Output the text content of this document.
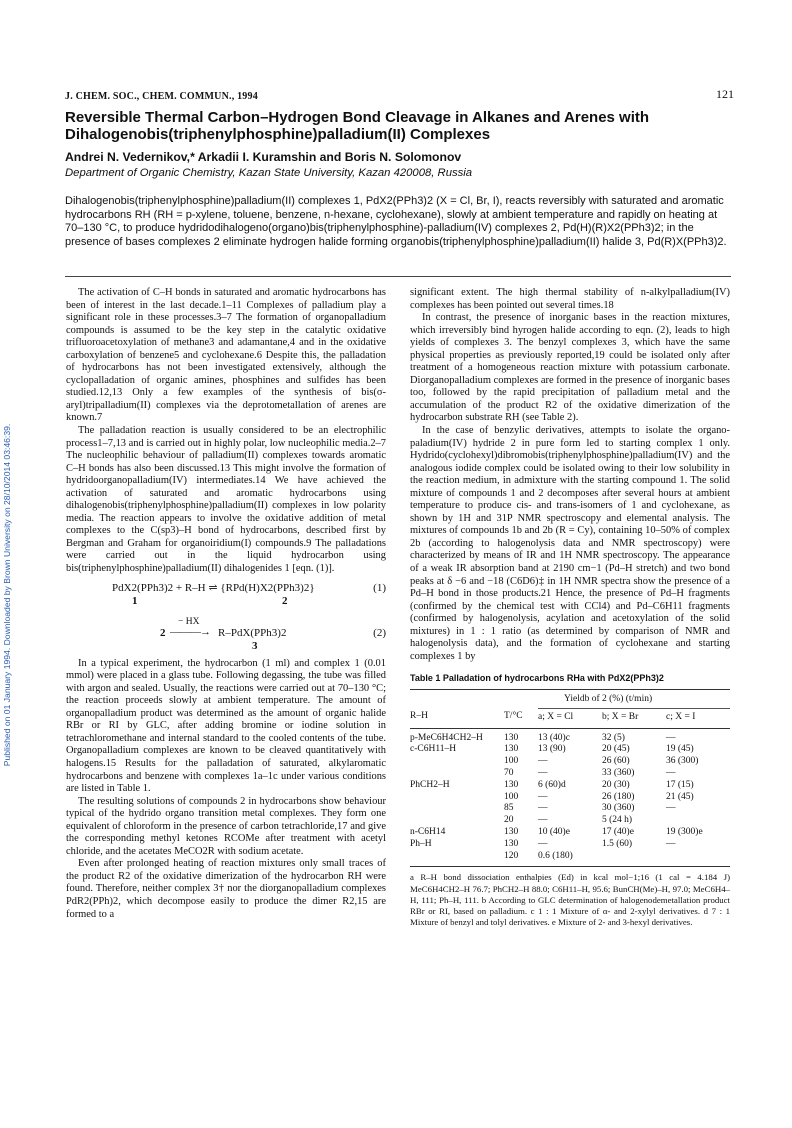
Published on 01 January 1994. Downloaded by Brown University on 28/10/2014 03:46:39.
J. CHEM. SOC., CHEM. COMMUN., 1994	121
Reversible Thermal Carbon–Hydrogen Bond Cleavage in Alkanes and Arenes with Dihalogenobis(triphenylphosphine)palladium(II) Complexes
Andrei N. Vedernikov,* Arkadii I. Kuramshin and Boris N. Solomonov
Department of Organic Chemistry, Kazan State University, Kazan 420008, Russia
Dihalogenobis(triphenylphosphine)palladium(II) complexes 1, PdX2(PPh3)2 (X = Cl, Br, I), reacts reversibly with saturated and aromatic hydrocarbons RH (RH = p-xylene, toluene, benzene, n-hexane, cyclohexane), slowly at ambient temperature and rapidly on heating at 70–130 °C, to produce hydridodihalogeno(organo)bis(triphenylphosphine)-palladium(IV) complexes 2, Pd(H)(R)X2(PPh3)2; in the presence of bases complexes 2 eliminate hydrogen halide forming organobis(triphenylphosphine)palladium(II) halide 3, Pd(R)X(PPh3)2.

The activation of C–H bonds in saturated and aromatic hydrocarbons has been of interest in the last decade.1–11 Complexes of palladium play a significant role in these processes.3–7 The formation of organopalladium compounds is assumed to be the key step in the catalytic oxidative trifluoroacetoxylation of methane3 and adamantane,4 and in the oxidative carboxylation of benzene5 and cyclohexane.6 Despite this, the palladation of hydrocarbons has not been investigated extensively, although the cyclopalladation of organic amines, phosphines and sulfides has been studied.12,13 Only a few examples of the synthesis of bis(σ-aryl)tripalladium(II) complexes via the deprotometallation of arenes are known.7

The palladation reaction is usually considered to be an electrophilic process1–7,13 and is carried out in highly polar, low nucleophilic media.2–7 The nucleophilic behaviour of palladium(II) complexes towards aromatic C–H bonds has also been discussed.13 This might involve the formation of hydridoorganopalladium(IV) intermediates.14 We have achieved the activation of saturated and aromatic hydrocarbons using dihalogenobis(triphenylphosphine)palladium(II) complexes in low polarity media. The reaction appears to involve the oxidative addition of metal complexes to the C(sp3)–H bond of hydrocarbons, described first by Bergman and Graham for organoiridium(I) compounds.9 The palladations were carried out in the liquid hydrocarbon using bis(triphenylphosphine)palladium(II) dihalogenides 1 [eqn. (1)].

PdX2(PPh3)2 + R–H ⇌ {RPd(H)X2(PPh3)2}
1	2
(1)
− HX
2 ———→ R–PdX(PPh3)2
3
(2)

In a typical experiment, the hydrocarbon (1 ml) and complex 1 (0.01 mmol) were placed in a glass tube. Following degassing, the tube was filled with argon and sealed. Usually, the reactions were carried out at 70–130 °C; the reaction proceeds slowly at ambient temperature. The amount of organopalladium product was determined as the amount of organic halide RBr or RI by GLC, after adding bromine or iodine solution in tetrachloromethane and internal standard to the cooled contents of the tube. Organopalladium complexes are known to be cleaved quantitatively with halogens.15 Results for the palladation of saturated, alkylaromatic hydrocarbons and benzene with complexes 1a–1c under various conditions are listed in Table 1.

The resulting solutions of compounds 2 in hydrocarbons show behaviour typical of the hydrido organo transition metal complexes. They form one equivalent of chloroform in the presence of carbon tetrachloride,17 and give the corresponding methyl ketones RCOMe after treatment with acetyl chloride, and the acetates MeCO2R with sodium acetate.

Even after prolonged heating of reaction mixtures only small traces of the product R2 of the oxidative dimerization of the hydrocarbon RH were found. Therefore, neither complex 3† nor the diorganopalladium complexes PdR2(PPh)2, which decompose easily to produce the dimer R2,15 are formed to a

significant extent. The high thermal stability of n-alkylpalladium(IV) complexes has been pointed out several times.18

In contrast, the presence of inorganic bases in the reaction mixtures, which irreversibly bind hyrogen halide according to eqn. (2), leads to high yields of complexes 3. The benzyl complexes 3, which have the same physical properties as previously reported,19 could be isolated only after treatment of a homogeneous reaction mixture with potassium carbonate. Diorganopalladium complexes are formed in the presence of inorganic bases too, followed by the rapid precipitation of palladium metal and the accumulation of the product R2 of the oxidative dimerization of the hydrocarbon substrate RH (see Table 2).

In the case of benzylic derivatives, attempts to isolate the organo-paladium(IV) hydride 2 in pure form led to starting complex 1 only. Hydrido(cyclohexyl)dibromobis(triphenylphosphine)palladium(IV) and the analogous iodide complex could be isolated owing to their low solubility in the reaction medium, in admixture with the starting compound 1. The solid mixture of compounds 1 and 2 decomposes after several hours at ambient temperature to produce cis- and trans-isomers of 1 and cyclohexane, as shown by 1H and 31P NMR spectroscopy and elemental analysis. The mixtures of compounds 1b and 2b (R = Cy), containing 10–50% of complex 2b (according to halogenolysis data and NMR spectroscopy) were characterized by means of IR and 1H NMR spectroscopy. The appearance of a weak IR absorption band at 2190 cm−1 (Pd–H stretch) and two bond peaks at δ −6 and −18 (C6D6)‡ in 1H NMR spectra show the presence of a Pd–H bond in those products.21 Hence, the presence of Pd–H fragments (confirmed by the chemical test with CCl4) and Pd–C6H11 fragments (confirmed by halogenolysis, acylation and acetoxylation of the solid mixtures) in 1 : 1 ratio (as determined by comparison of NMR and halogenolysis data), and the formation of cyclohexane and starting complexes 1 by

Table 1 Palladation of hydrocarbons RHa with PdX2(PPh3)2
		Yieldb of 2 (%) (t/min)		
R–H	T/°C	a; X = Cl	b; X = Br	c; X = I
p-MeC6H4CH2–H	130	13 (40)c	32 (5)	—
c-C6H11–H	130	13 (90)	20 (45)	19 (45)
	100	—	26 (60)	36 (300)
	70	—	33 (360)	—
PhCH2–H	130	6 (60)d	20 (30)	17 (15)
	100	—	26 (180)	21 (45)
	85	—	30 (360)	—
	20	—	5 (24 h)	
n-C6H14	130	10 (40)e	17 (40)e	19 (300)e
Ph–H	130	—	1.5 (60)	—
	120	0.6 (180)		
a R–H bond dissociation enthalpies (Ed) in kcal mol−1;16 (1 cal = 4.184 J) MeC6H4CH2–H 76.7; PhCH2–H 88.0; C6H11–H, 95.6; BunCH(Me)–H, 97.0; MeC6H4–H, 111; Ph–H, 111. b According to GLC determination of halogenodemetallation product RBr or RI, based on palladium. c 1 : 1 Mixture of α- and 2-xylyl derivatives. d 7 : 1 Mixture of benzyl and tolyl derivatives. e Mixture of 2- and 3-hexyl derivatives.
